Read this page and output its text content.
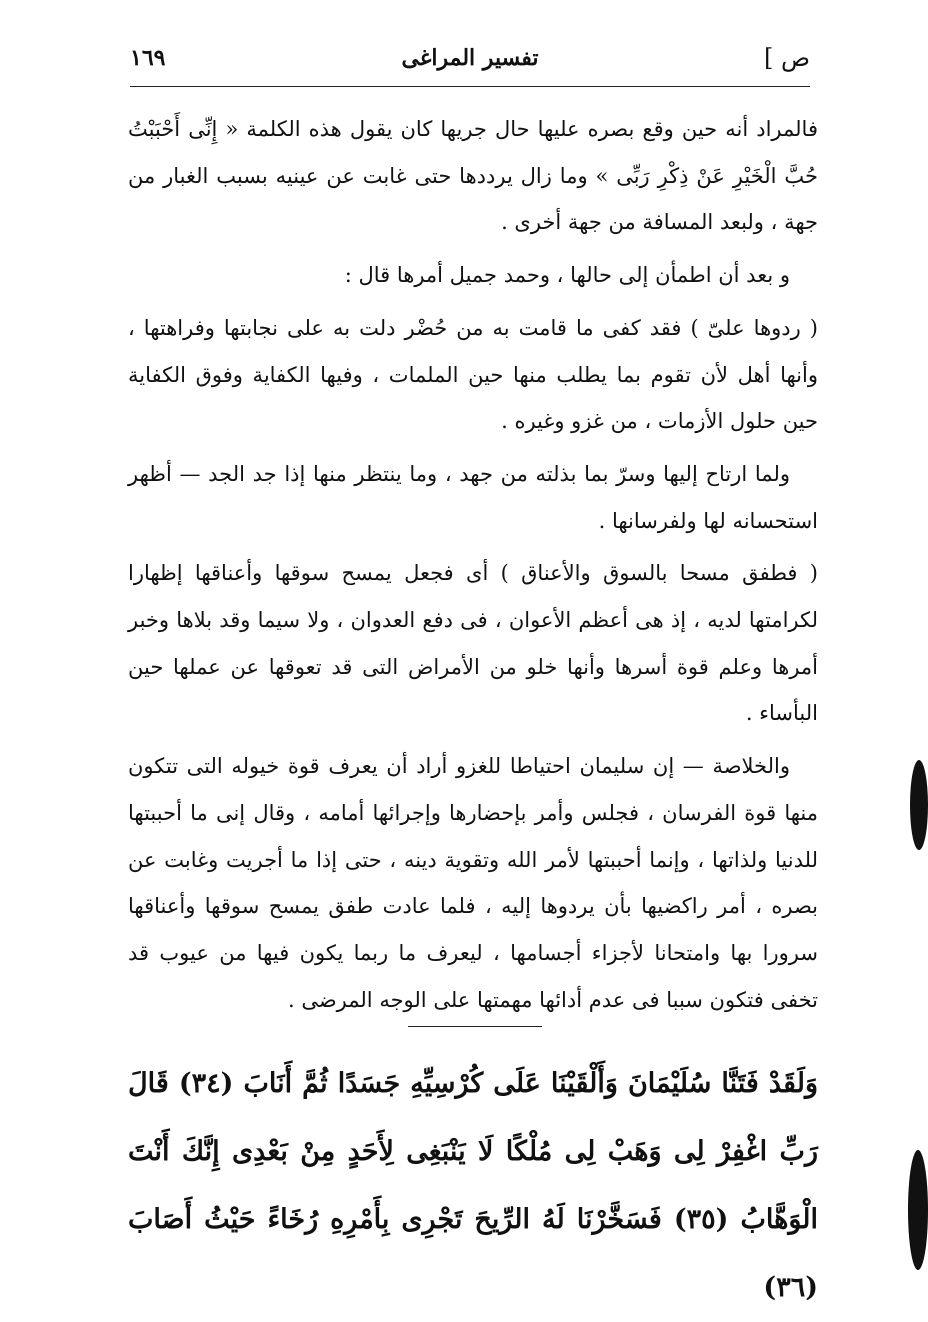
ص ]
تفسير المراغى
١٦٩

فالمراد أنه حين وقع بصره عليها حال جريها كان يقول هذه الكلمة « إِنِّى أَحْبَبْتُ حُبَّ الْخَيْرِ عَنْ ذِكْرِ رَبِّى » وما زال يرددها حتى غابت عن عينيه بسبب الغبار من جهة ، ولبعد المسافة من جهة أخرى .

و بعد أن اطمأن إلى حالها ، وحمد جميل أمرها قال :

( ردوها علىّ ) فقد كفى ما قامت به من حُضْر دلت به على نجابتها وفراهتها ، وأنها أهل لأن تقوم بما يطلب منها حين الملمات ، وفيها الكفاية وفوق الكفاية حين حلول الأزمات ، من غزو وغيره .

ولما ارتاح إليها وسرّ بما بذلته من جهد ، وما ينتظر منها إذا جد الجد — أظهر استحسانه لها ولفرسانها .

( فطفق مسحا بالسوق والأعناق ) أى فجعل يمسح سوقها وأعناقها إظهارا لكرامتها لديه ، إذ هى أعظم الأعوان ، فى دفع العدوان ، ولا سيما وقد بلاها وخبر أمرها وعلم قوة أسرها وأنها خلو من الأمراض التى قد تعوقها عن عملها حين البأساء .

والخلاصة — إن سليمان احتياطا للغزو أراد أن يعرف قوة خيوله التى تتكون منها قوة الفرسان ، فجلس وأمر بإحضارها وإجرائها أمامه ، وقال إنى ما أحببتها للدنيا ولذاتها ، وإنما أحببتها لأمر الله وتقوية دينه ، حتى إذا ما أجريت وغابت عن بصره ، أمر راكضيها بأن يردوها إليه ، فلما عادت طفق يمسح سوقها وأعناقها سرورا بها وامتحانا لأجزاء أجسامها ، ليعرف ما ربما يكون فيها من عيوب قد تخفى فتكون سببا فى عدم أدائها مهمتها على الوجه المرضى .

وَلَقَدْ فَتَنَّا سُلَيْمَانَ وَأَلْقَيْنَا عَلَى كُرْسِيِّهِ جَسَدًا ثُمَّ أَنَابَ (٣٤) قَالَ رَبِّ اغْفِرْ لِى وَهَبْ لِى مُلْكًا لَا يَنْبَغِى لِأَحَدٍ مِنْ بَعْدِى إِنَّكَ أَنْتَ الْوَهَّابُ (٣٥) فَسَخَّرْنَا لَهُ الرِّيحَ تَجْرِى بِأَمْرِهِ رُخَاءً حَيْثُ أَصَابَ (٣٦)
